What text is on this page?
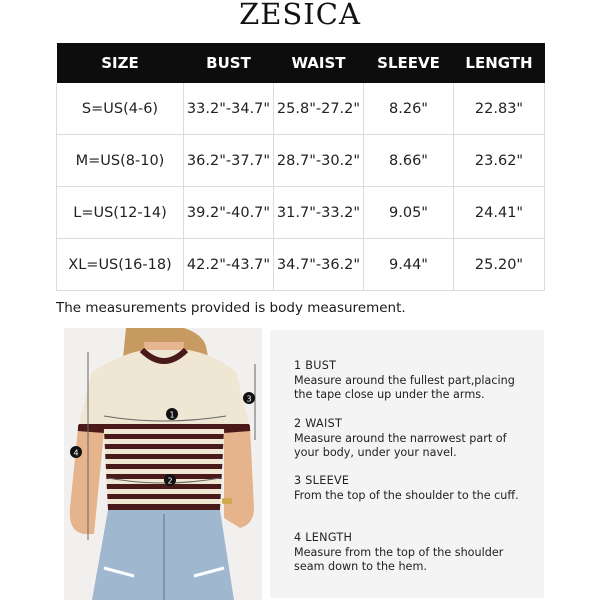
ZESICA
SIZE	BUST	WAIST	SLEEVE	LENGTH
S=US(4-6)	33.2"-34.7"	25.8"-27.2"	8.26"	22.83"
M=US(8-10)	36.2"-37.7"	28.7"-30.2"	8.66"	23.62"
L=US(12-14)	39.2"-40.7"	31.7"-33.2"	9.05"	24.41"
XL=US(16-18)	42.2"-43.7"	34.7"-36.2"	9.44"	25.20"
The measurements provided is body measurement.
1
2
3
4
1 BUST
Measure around the fullest part,placing the tape close up under the arms.
2 WAIST
Measure around the narrowest part of your body, under your navel.
3 SLEEVE
From the top of the shoulder to the cuff.
4 LENGTH
Measure from the top of the shoulder seam down to the hem.
